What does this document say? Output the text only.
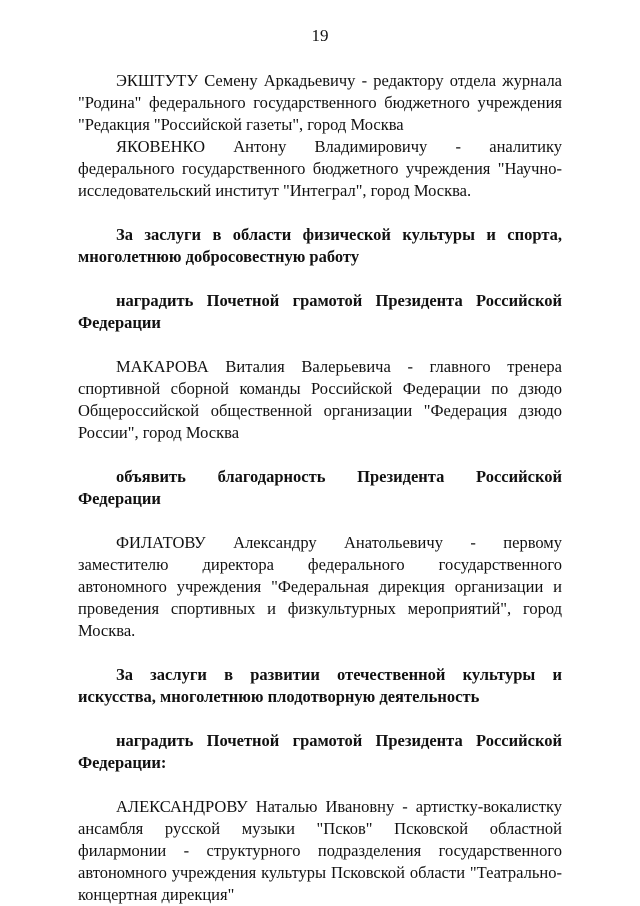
19

ЭКШТУТУ Семену Аркадьевичу - редактору отдела журнала "Родина" федерального государственного бюджетного учреждения "Редакция "Российской газеты", город Москва

ЯКОВЕНКО Антону Владимировичу - аналитику федерального государственного бюджетного учреждения "Научно-исследовательский институт "Интеграл", город Москва.

За заслуги в области физической культуры и спорта, многолетнюю добросовестную работу

наградить Почетной грамотой Президента Российской Федерации

МАКАРОВА Виталия Валерьевича - главного тренера спортивной сборной команды Российской Федерации по дзюдо Общероссийской общественной организации "Федерация дзюдо России", город Москва

объявить благодарность Президента Российской Федерации

ФИЛАТОВУ Александру Анатольевичу - первому заместителю директора федерального государственного автономного учреждения "Федеральная дирекция организации и проведения спортивных и физкультурных мероприятий", город Москва.

За заслуги в развитии отечественной культуры и искусства, многолетнюю плодотворную деятельность

наградить Почетной грамотой Президента Российской Федерации:

АЛЕКСАНДРОВУ Наталью Ивановну - артистку-вокалистку ансамбля русской музыки "Псков" Псковской областной филармонии - структурного подразделения государственного автономного учреждения культуры Псковской области "Театрально-концертная дирекция"
